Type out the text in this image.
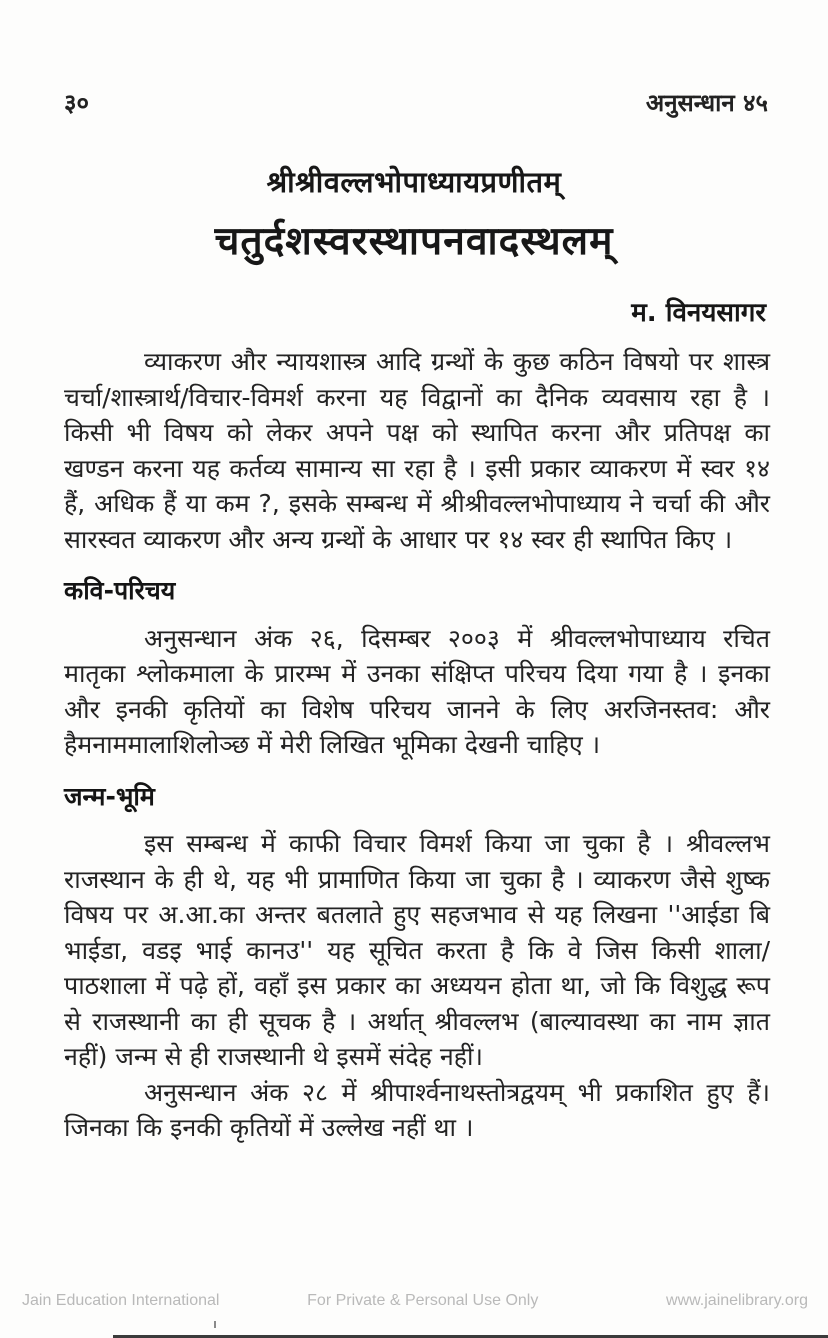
३०	अनुसन्धान ४५
श्रीश्रीवल्लभोपाध्यायप्रणीतम्
चतुर्दशस्वरस्थापनवादस्थलम्
म. विनयसागर

व्याकरण और न्यायशास्त्र आदि ग्रन्थों के कुछ कठिन विषयो पर शास्त्र चर्चा/शास्त्रार्थ/विचार-विमर्श करना यह विद्वानों का दैनिक व्यवसाय रहा है । किसी भी विषय को लेकर अपने पक्ष को स्थापित करना और प्रतिपक्ष का खण्डन करना यह कर्तव्य सामान्य सा रहा है । इसी प्रकार व्याकरण में स्वर १४ हैं, अधिक हैं या कम ?, इसके सम्बन्ध में श्रीश्रीवल्लभोपाध्याय ने चर्चा की और सारस्वत व्याकरण और अन्य ग्रन्थों के आधार पर १४ स्वर ही स्थापित किए ।

कवि-परिचय

अनुसन्धान अंक २६, दिसम्बर २००३ में श्रीवल्लभोपाध्याय रचित मातृका श्लोकमाला के प्रारम्भ में उनका संक्षिप्त परिचय दिया गया है । इनका और इनकी कृतियों का विशेष परिचय जानने के लिए अरजिनस्तव: और हैमनाममालाशिलोञ्छ में मेरी लिखित भूमिका देखनी चाहिए ।

जन्म-भूमि

इस सम्बन्ध में काफी विचार विमर्श किया जा चुका है । श्रीवल्लभ राजस्थान के ही थे, यह भी प्रामाणित किया जा चुका है । व्याकरण जैसे शुष्क विषय पर अ.आ.का अन्तर बतलाते हुए सहजभाव से यह लिखना ''आईडा बि भाईडा, वडइ भाई कानउ'' यह सूचित करता है कि वे जिस किसी शाला/पाठशाला में पढ़े हों, वहाँ इस प्रकार का अध्ययन होता था, जो कि विशुद्ध रूप से राजस्थानी का ही सूचक है । अर्थात् श्रीवल्लभ (बाल्यावस्था का नाम ज्ञात नहीं) जन्म से ही राजस्थानी थे इसमें संदेह नहीं।

अनुसन्धान अंक २८ में श्रीपार्श्वनाथस्तोत्रद्वयम् भी प्रकाशित हुए हैं। जिनका कि इनकी कृतियों में उल्लेख नहीं था ।

Jain Education International	For Private & Personal Use Only	www.jainelibrary.org
